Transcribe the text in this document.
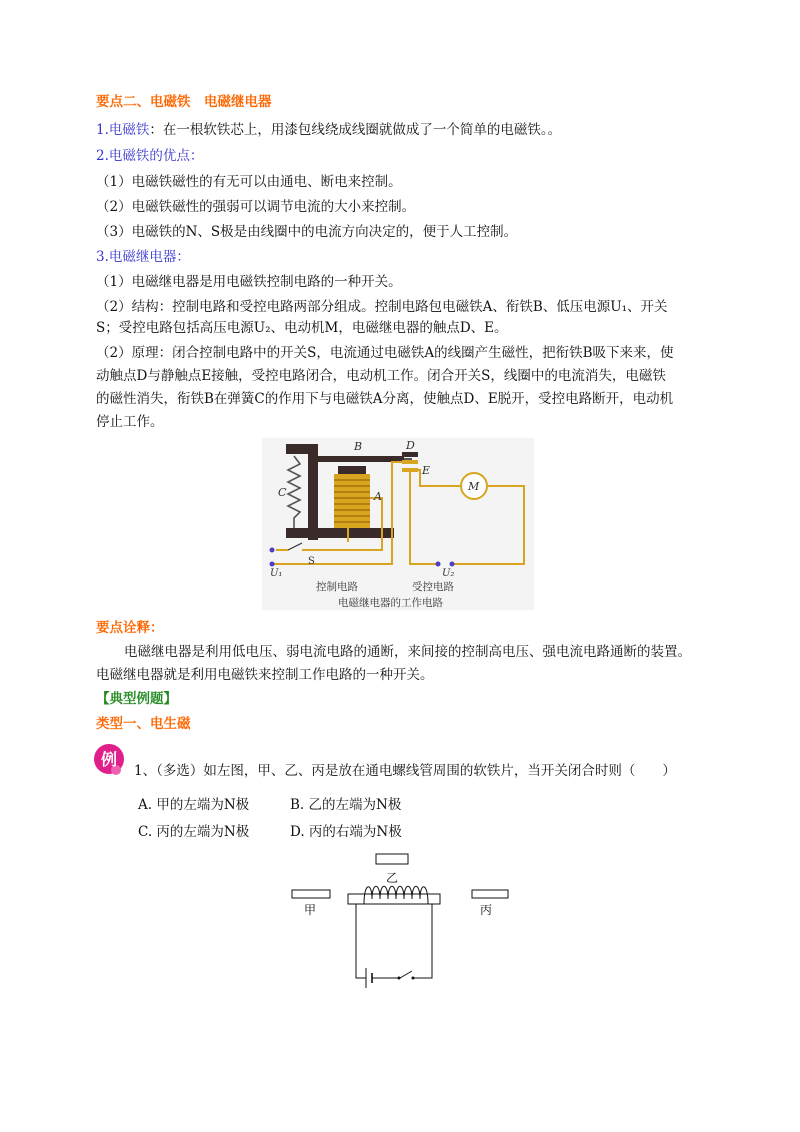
要点二、电磁铁　电磁继电器
1.电磁铁：在一根软铁芯上，用漆包线绕成线圈就做成了一个简单的电磁铁。。
2.电磁铁的优点：
（1）电磁铁磁性的有无可以由通电、断电来控制。
（2）电磁铁磁性的强弱可以调节电流的大小来控制。
（3）电磁铁的N、S极是由线圈中的电流方向决定的，便于人工控制。
3.电磁继电器：
（1）电磁继电器是用电磁铁控制电路的一种开关。
（2）结构：控制电路和受控电路两部分组成。控制电路包电磁铁A、衔铁B、低压电源U₁、开关
S；受控电路包括高压电源U₂、电动机M，电磁继电器的触点D、E。
（2）原理：闭合控制电路中的开关S，电流通过电磁铁A的线圈产生磁性，把衔铁B吸下来来，使
动触点D与静触点E接触，受控电路闭合，电动机工作。闭合开关S，线圈中的电流消失，电磁铁
的磁性消失，衔铁B在弹簧C的作用下与电磁铁A分离，使触点D、E脱开，受控电路断开，电动机
停止工作。
B	D
E
C	A
M
S
U₁	U₂
控制电路	受控电路
电磁继电器的工作电路
要点诠释：
电磁继电器是利用低电压、弱电流电路的通断，来间接的控制高电压、强电流电路通断的装置。
电磁继电器就是利用电磁铁来控制工作电路的一种开关。
【典型例题】
类型一、电生磁
例
1、（多选）如左图，甲、乙、丙是放在通电螺线管周围的软铁片，当开关闭合时则（　　）
A. 甲的左端为N极	B. 乙的左端为N极
C. 丙的左端为N极	D. 丙的右端为N极
乙
甲	丙
